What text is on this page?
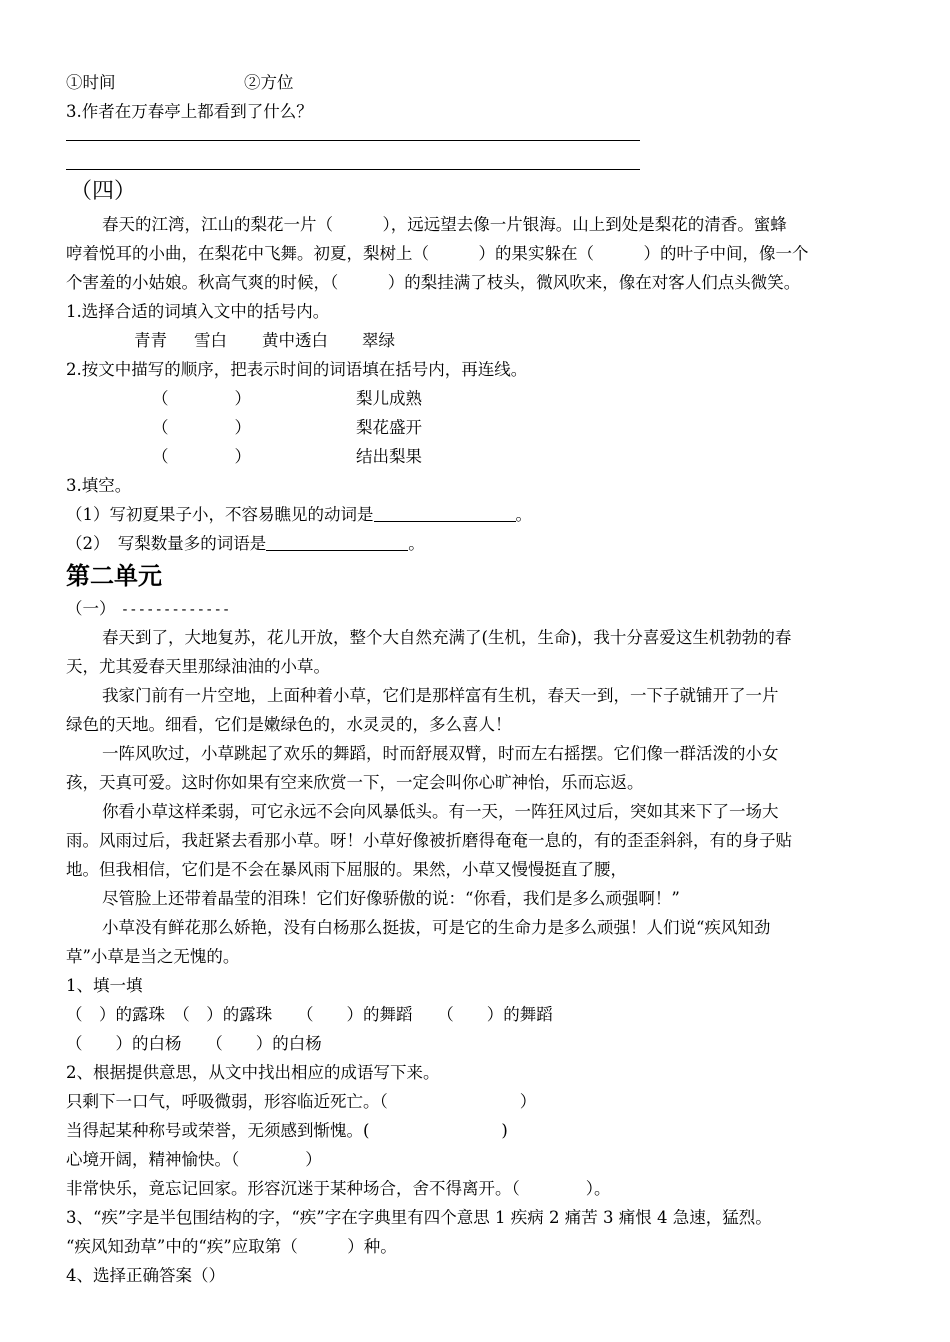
①时间	②方位
3.作者在万春亭上都看到了什么？
（四）
春天的江湾，江山的梨花一片（　　　），远远望去像一片银海。山上到处是梨花的清香。蜜蜂
哼着悦耳的小曲，在梨花中飞舞。初夏，梨树上（　　　）的果实躲在（　　　）的叶子中间，像一个
个害羞的小姑娘。秋高气爽的时候，（　　　）的梨挂满了枝头，微风吹来，像在对客人们点头微笑。
1.选择合适的词填入文中的括号内。
青青 雪白 黄中透白 翠绿
2.按文中描写的顺序，把表示时间的词语填在括号内，再连线。
（　　　　）	梨儿成熟
（　　　　）	梨花盛开
（　　　　）	结出梨果
3.填空。
（1）写初夏果子小，不容易瞧见的动词是	。
（2）　写梨数量多的词语是	。
第二单元
（一） -------------
春天到了，大地复苏，花儿开放，整个大自然充满了(生机，生命)，我十分喜爱这生机勃勃的春
天，尤其爱春天里那绿油油的小草。
我家门前有一片空地，上面种着小草，它们是那样富有生机，春天一到，一下子就铺开了一片
绿色的天地。细看，它们是嫩绿色的，水灵灵的，多么喜人！
一阵风吹过，小草跳起了欢乐的舞蹈，时而舒展双臂，时而左右摇摆。它们像一群活泼的小女
孩，天真可爱。这时你如果有空来欣赏一下，一定会叫你心旷神怡，乐而忘返。
你看小草这样柔弱，可它永远不会向风暴低头。有一天，一阵狂风过后，突如其来下了一场大
雨。风雨过后，我赶紧去看那小草。呀！小草好像被折磨得奄奄一息的，有的歪歪斜斜，有的身子贴
地。但我相信，它们是不会在暴风雨下屈服的。果然，小草又慢慢挺直了腰，
尽管脸上还带着晶莹的泪珠！它们好像骄傲的说：“你看，我们是多么顽强啊！”
小草没有鲜花那么娇艳，没有白杨那么挺拔，可是它的生命力是多么顽强！人们说“疾风知劲
草”小草是当之无愧的。
1、填一填
（　）的露珠　（　）的露珠　　（　　）的舞蹈　　（　　）的舞蹈
（　　）的白杨　　（　　）的白杨
2、根据提供意思，从文中找出相应的成语写下来。
只剩下一口气，呼吸微弱，形容临近死亡。（　　　　　　　　）
当得起某种称号或荣誉，无须感到惭愧。(　　　　　　　　)
心境开阔，精神愉快。（　　　　）
非常快乐，竟忘记回家。形容沉迷于某种场合，舍不得离开。（　　　　）。
3、“疾”字是半包围结构的字，“疾”字在字典里有四个意思 1 疾病 2 痛苦 3 痛恨 4 急速，猛烈。
“疾风知劲草”中的“疾”应取第（　　　）种。
4、选择正确答案（）
